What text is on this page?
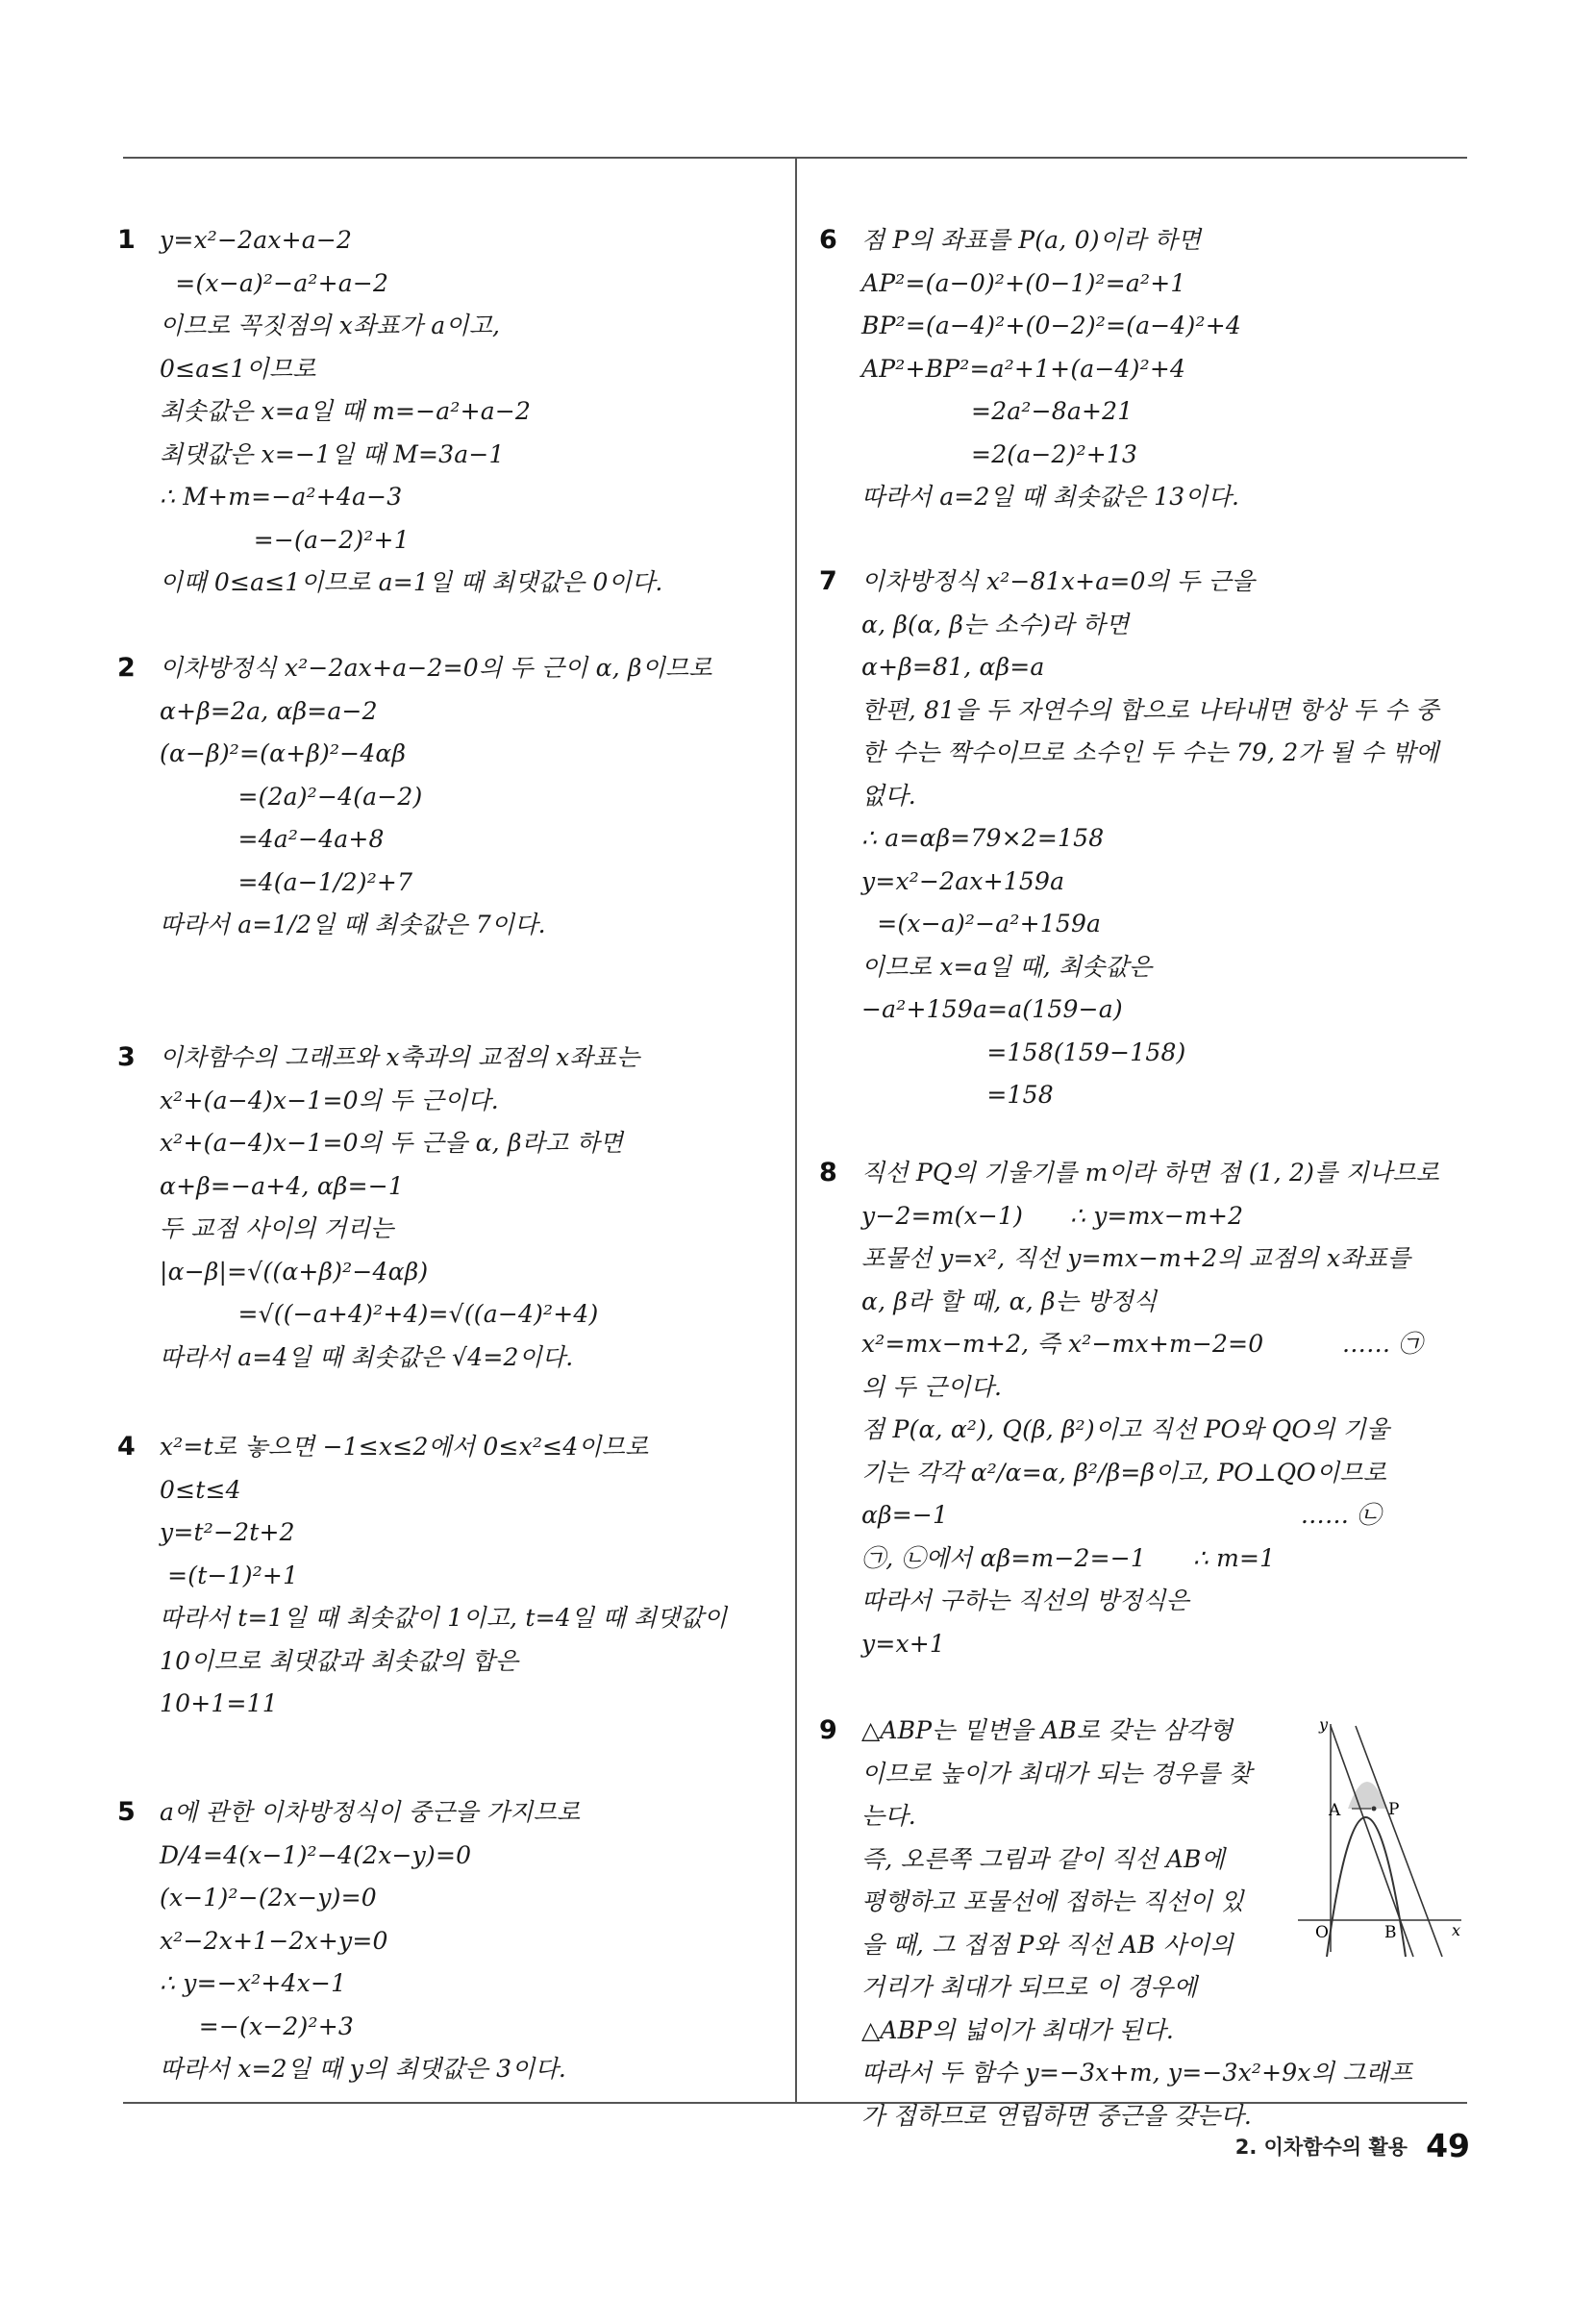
1 y=x²−2ax+a−2
=(x−a)²−a²+a−2
이므로 꼭짓점의 x좌표가 a이고,
0≤a≤1이므로
최솟값은 x=a일 때 m=−a²+a−2
최댓값은 x=−1일 때 M=3a−1
∴ M+m=−a²+4a−3
=−(a−2)²+1
이때 0≤a≤1이므로 a=1일 때 최댓값은 0이다.
2 이차방정식 x²−2ax+a−2=0의 두 근이 α, β이므로
α+β=2a, αβ=a−2
(α−β)²=(α+β)²−4αβ
=(2a)²−4(a−2)
=4a²−4a+8
=4(a−1/2)²+7
따라서 a=1/2일 때 최솟값은 7이다.
3 이차함수의 그래프와 x축과의 교점의 x좌표는
x²+(a−4)x−1=0의 두 근이다.
x²+(a−4)x−1=0의 두 근을 α, β라고 하면
α+β=−a+4, αβ=−1
두 교점 사이의 거리는
|α−β|=√((α+β)²−4αβ)
=√((−a+4)²+4)=√((a−4)²+4)
따라서 a=4일 때 최솟값은 √4=2이다.
4 x²=t로 놓으면 −1≤x≤2에서 0≤x²≤4이므로
0≤t≤4
y=t²−2t+2
=(t−1)²+1
따라서 t=1일 때 최솟값이 1이고, t=4일 때 최댓값이
10이므로 최댓값과 최솟값의 합은
10+1=11
5 a에 관한 이차방정식이 중근을 가지므로
D/4=4(x−1)²−4(2x−y)=0
(x−1)²−(2x−y)=0
x²−2x+1−2x+y=0
∴ y=−x²+4x−1
=−(x−2)²+3
따라서 x=2일 때 y의 최댓값은 3이다.
6 점 P의 좌표를 P(a, 0)이라 하면
AP²=(a−0)²+(0−1)²=a²+1
BP²=(a−4)²+(0−2)²=(a−4)²+4
AP²+BP²=a²+1+(a−4)²+4
=2a²−8a+21
=2(a−2)²+13
따라서 a=2일 때 최솟값은 13이다.
7 이차방정식 x²−81x+a=0의 두 근을
α, β(α, β는 소수)라 하면
α+β=81, αβ=a
한편, 81을 두 자연수의 합으로 나타내면 항상 두 수 중
한 수는 짝수이므로 소수인 두 수는 79, 2가 될 수 밖에
없다.
∴ a=αβ=79×2=158
y=x²−2ax+159a
=(x−a)²−a²+159a
이므로 x=a일 때, 최솟값은
−a²+159a=a(159−a)
=158(159−158)
=158
8 직선 PQ의 기울기를 m이라 하면 점 (1, 2)를 지나므로
y−2=m(x−1)      ∴ y=mx−m+2
포물선 y=x², 직선 y=mx−m+2의 교점의 x좌표를
α, β라 할 때, α, β는 방정식
x²=mx−m+2, 즉 x²−mx+m−2=0          …… ㉠
의 두 근이다.
점 P(α, α²), Q(β, β²)이고 직선 PO와 QO의 기울
기는 각각 α²/α=α, β²/β=β이고, PO⊥QO이므로
αβ=−1                                             …… ㉡
㉠, ㉡에서 αβ=m−2=−1      ∴ m=1
따라서 구하는 직선의 방정식은
y=x+1
9 △ABP는 밑변을 AB로 갖는 삼각형
이므로 높이가 최대가 되는 경우를 찾
는다.
즉, 오른쪽 그림과 같이 직선 AB에
평행하고 포물선에 접하는 직선이 있
을 때, 그 접점 P와 직선 AB 사이의
거리가 최대가 되므로 이 경우에
△ABP의 넓이가 최대가 된다.
따라서 두 함수 y=−3x+m, y=−3x²+9x의 그래프
가 접하므로 연립하면 중근을 갖는다.
y
x
O
A
B
P
2. 이차함수의 활용 49
